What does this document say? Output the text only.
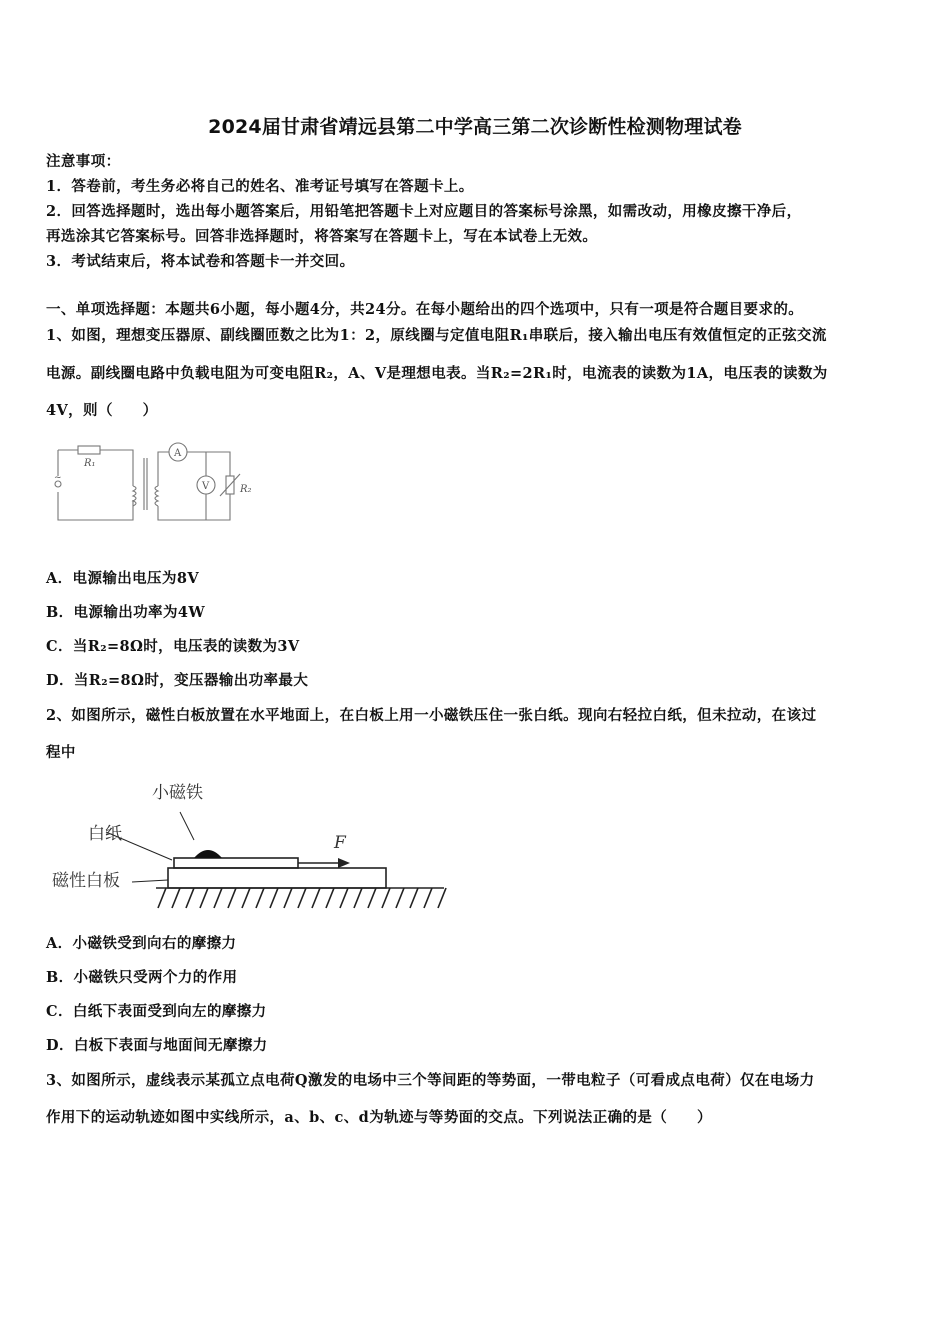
2024届甘肃省靖远县第二中学高三第二次诊断性检测物理试卷
注意事项：
1．答卷前，考生务必将自己的姓名、准考证号填写在答题卡上。
2．回答选择题时，选出每小题答案后，用铅笔把答题卡上对应题目的答案标号涂黑，如需改动，用橡皮擦干净后，
再选涂其它答案标号。回答非选择题时，将答案写在答题卡上，写在本试卷上无效。
3．考试结束后，将本试卷和答题卡一并交回。
一、单项选择题：本题共6小题，每小题4分，共24分。在每小题给出的四个选项中，只有一项是符合题目要求的。
1、如图，理想变压器原、副线圈匝数之比为1：2，原线圈与定值电阻R₁串联后，接入输出电压有效值恒定的正弦交流
电源。副线圈电路中负载电阻为可变电阻R₂，A、V是理想电表。当R₂=2R₁时，电流表的读数为1A，电压表的读数为
4V，则（　　）
R₁
A
V	R₂
~
A．电源输出电压为8V
B．电源输出功率为4W
C．当R₂=8Ω时，电压表的读数为3V
D．当R₂=8Ω时，变压器输出功率最大
2、如图所示，磁性白板放置在水平地面上，在白板上用一小磁铁压住一张白纸。现向右轻拉白纸，但未拉动，在该过
程中
小磁铁
白纸
磁性白板
F
A．小磁铁受到向右的摩擦力
B．小磁铁只受两个力的作用
C．白纸下表面受到向左的摩擦力
D．白板下表面与地面间无摩擦力
3、如图所示，虚线表示某孤立点电荷Q激发的电场中三个等间距的等势面，一带电粒子（可看成点电荷）仅在电场力
作用下的运动轨迹如图中实线所示，a、b、c、d为轨迹与等势面的交点。下列说法正确的是（　　）
